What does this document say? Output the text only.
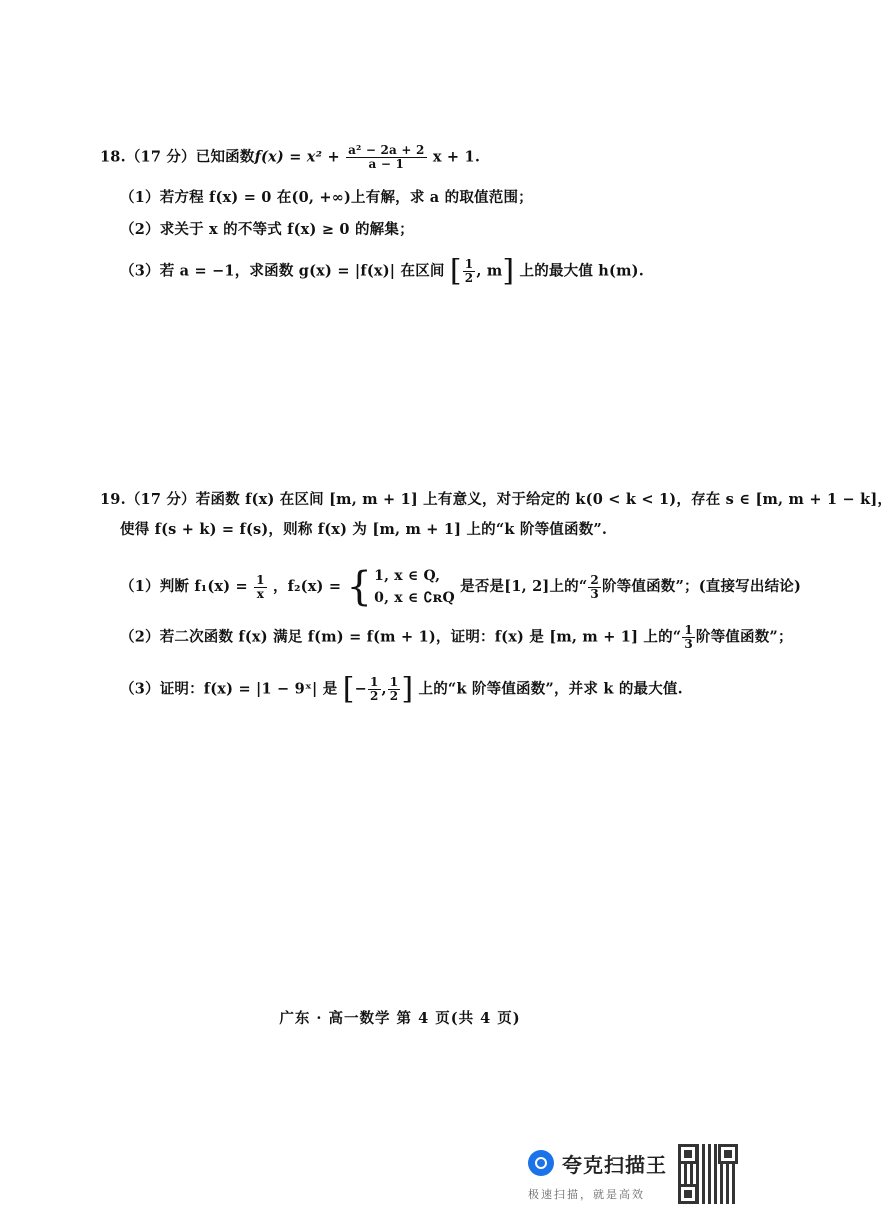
18.（17 分）已知函数$f(x) = x^2 + \frac{\text{a² − 2a + 2}}{a - 1}$ x + 1.
（1）若方程 f(x) = 0 在(0, +∞)上有解，求 a 的取值范围；
（2）求关于 x 的不等式 f(x) ≥ 0 的解集；
（3）若 a = −1，求函数 g(x) = |f(x)| 在区间 [ $\frac{1}{2}$ , m] 上的最大值 h(m).
19.（17 分）若函数 f(x) 在区间 [m, m + 1] 上有意义，对于给定的 k(0 < k < 1)，存在 s ∈ [m, m + 1 − k]，
使得 f(s + k) = f(s)，则称 f(x) 为 [m, m + 1] 上的“k 阶等值函数”.
（1）判断 $f_1(x) = \frac{1}{x}$ ，f₂(x) = { 1, x ∈ Q,
0, x ∈ ∁ʀQ
是否是[1, 2]上的“ $\frac{2}{3}$ 阶等值函数”；(直接写出结论)
（2）若二次函数 f(x) 满足 f(m) = f(m + 1)，证明：f(x) 是 [m, m + 1] 上的“ $\frac{1}{3}$ 阶等值函数”；
（3）证明：f(x) = |1 − 9ˣ| 是 [− $\frac{1}{2}$ , $\frac{1}{2}$ ] 上的“k 阶等值函数”，并求 k 的最大值.
广东 · 高一数学 第 4 页(共 4 页)
夸克扫描王
极速扫描，就是高效
